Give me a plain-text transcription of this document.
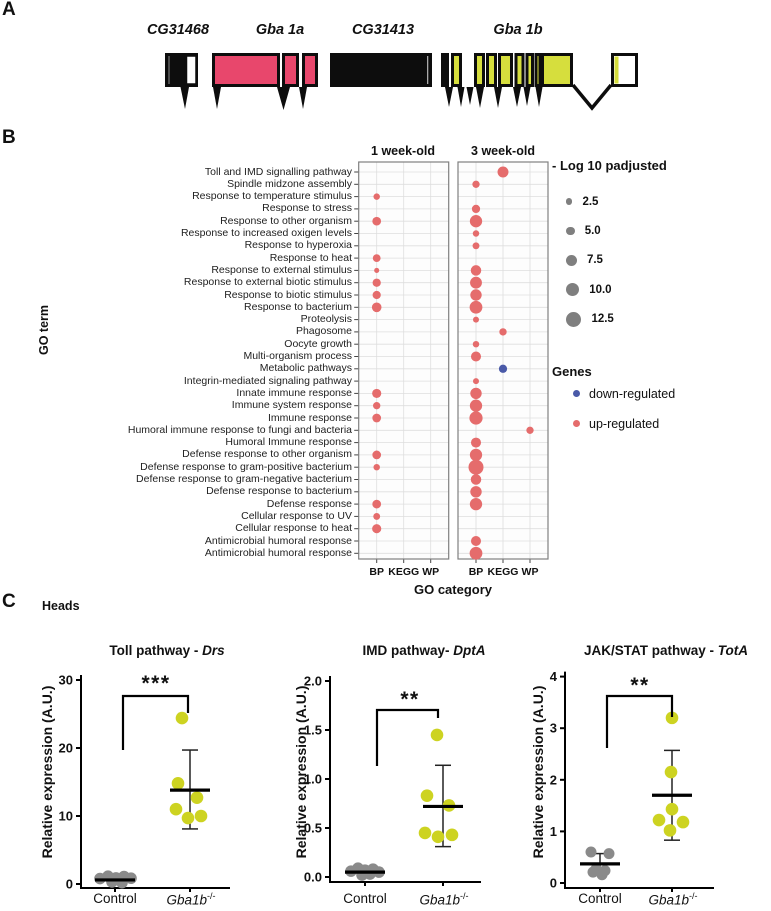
BP KEGG WP	BP KEGG WP
0
10
20
30	***
0.0
0.5
1.0
1.5
2.0
**
0
1
2
3
4	**
A
CG31468	Gba 1a	CG31413	Gba 1b
B
1 week-old	3 week-old
Toll and IMD signalling pathway
Spindle midzone assembly
Response to temperature stimulus
Response to stress
Response to other organism
Response to increased oxigen levels
Response to hyperoxia
Response to heat
Response to external stimulus
Response to external biotic stimulus
Response to biotic stimulus
Response to bacterium
Proteolysis
Phagosome
Oocyte growth
Multi-organism process
Metabolic pathways
Integrin-mediated signaling pathway
Innate immune response
Immune system response
Immune response
Humoral immune response to fungi and bacteria
Humoral Immune response
Defense response to other organism
Defense response to gram-positive bacterium
Defense response to gram-negative bacterium
Defense response to bacterium
Defense response
Cellular response to UV
Cellular response to heat
Antimicrobial humoral response
Antimicrobial humoral response
GO term
GO category
- Log 10 padjusted
2.5
5.0
7.5
10.0
12.5
Genes
down-regulated
up-regulated
C Heads
Toll pathway - Drs	IMD pathway- DptA	JAK/STAT pathway - TotA
Relative expression (A.U.)	Relative expression (A.U.)	Relative expression (A.U.)
Control Gba1b-/-	Control Gba1b-/-	Control Gba1b-/-
